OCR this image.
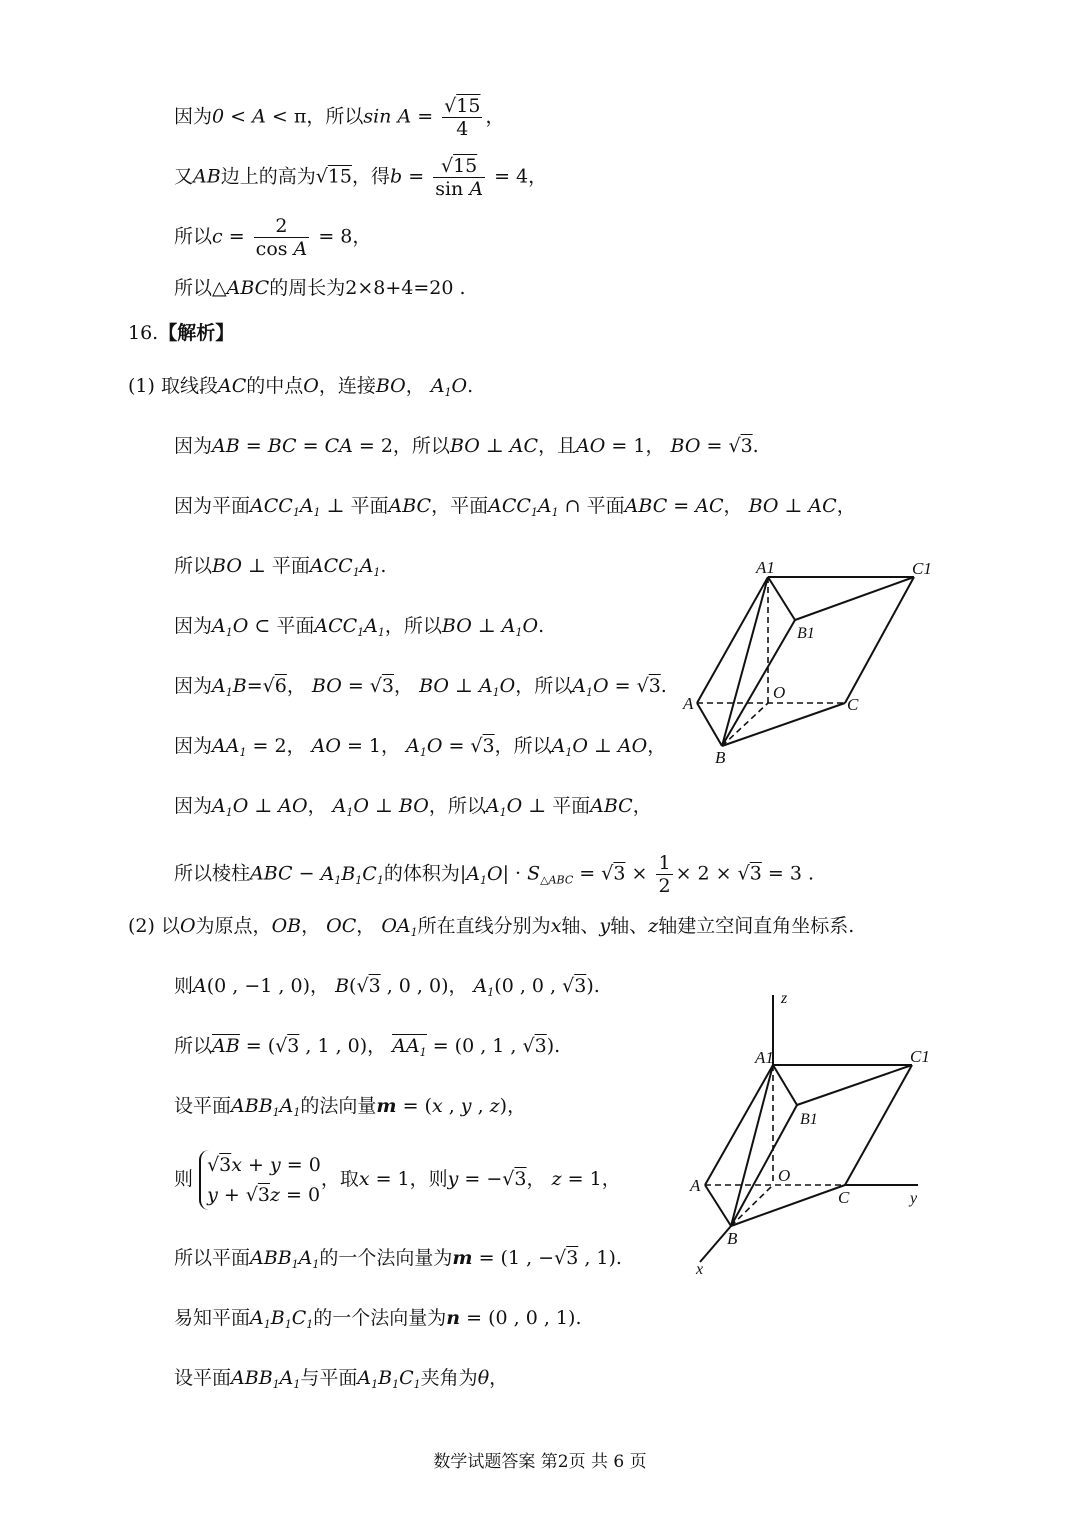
因为0 < A < π，所以$\sin A = \frac{√15}{4}$ ，
又AB边上的高为√15，得$b = \frac{√15}{\text{sin A}} = 4$，
所以$c = \frac{2}{\text{cos A}} = 8$，
所以△ABC的周长为2×8+4=20 .
16.【解析】
(1) 取线段AC的中点O，连接BO， $A_1O$.
因为AB = BC = CA = 2，所以BO ⊥ AC，且AO = 1， BO = √3.
因为平面$ACC_1A_1$ ⊥ 平面ABC，平面$ACC_1A_1$ ∩ 平面ABC = AC， BO ⊥ AC，
所以BO ⊥ 平面$ACC_1A_1$.
因为$A_1O$ ⊂ 平面$ACC_1A_1$，所以BO ⊥ $A_1O$.
因为$A_1B=√6$， BO = √3， BO ⊥ $A_1O$，所以$A_1O = √3$.
因为$AA_1 = 2$， AO = 1， $A_1O = √3$，所以$A_1O$ ⊥ AO，
因为$A_1O$ ⊥ AO， $A_1O$ ⊥ BO，所以$A_1O$ ⊥ 平面ABC，
所以棱柱ABC − $A_1B_1C_1$的体积为$|A_1O| \cdot S_{\triangle ABC} = √3 \times \frac{1}{2} \times 2 \times √3 = 3$ .
(2) 以O为原点，OB， OC， $OA_1$所在直线分别为x轴、y轴、z轴建立空间直角坐标系.
则A(0 , −1 , 0)， B(√3 , 0 , 0)， $A_1(0$ , 0 , √3).
所以AB = (√3 , 1 , 0)， $AA_1 = (0$ , 1 , √3).
设平面$ABB_1A_1$的法向量m = (x , y , z)，
则
√3x + y = 0
y + √3z = 0
，取x = 1，则y = −√3， z = 1，
所以平面$ABB_1A_1$的一个法向量为m = (1 , −√3 , 1).
易知平面$A_1B_1C_1$的一个法向量为n = (0 , 0 , 1).
设平面$ABB_1A_1$与平面$A_1B_1C_1$夹角为θ，
A1	C1
B1
O
A	C
B
z
A1	C1
B1
O
A
C	y
B
x
数学试题答案 第2页 共 6 页
